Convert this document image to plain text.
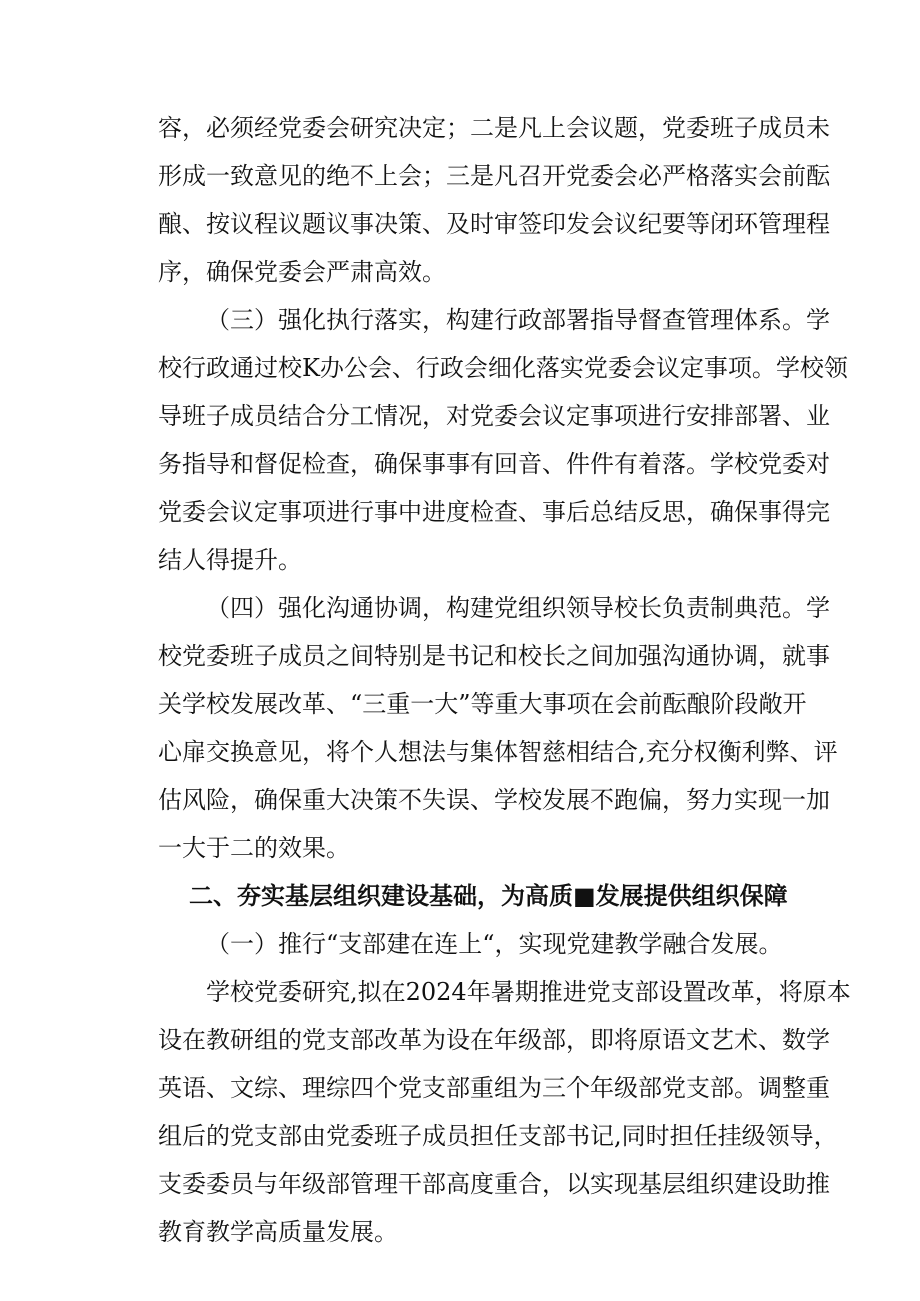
容，必须经党委会研究决定；二是凡上会议题，党委班子成员未
形成一致意见的绝不上会；三是凡召开党委会必严格落实会前酝
酿、按议程议题议事决策、及时审签印发会议纪要等闭环管理程
序，确保党委会严肃高效。
（三）强化执行落实，构建行政部署指导督查管理体系。学
校行政通过校K办公会、行政会细化落实党委会议定事项。学校领
导班子成员结合分工情况，对党委会议定事项进行安排部署、业
务指导和督促检查，确保事事有回音、件件有着落。学校党委对
党委会议定事项进行事中进度检查、事后总结反思，确保事得完
结人得提升。
（四）强化沟通协调，构建党组织领导校长负责制典范。学
校党委班子成员之间特别是书记和校长之间加强沟通协调，就事
关学校发展改革、“三重一大”等重大事项在会前酝酿阶段敞开
心扉交换意见，将个人想法与集体智慈相结合,充分权衡利弊、评
估风险，确保重大决策不失误、学校发展不跑偏，努力实现一加
一大于二的效果。
二、夯实基层组织建设基础，为高质■发展提供组织保障
（一）推行“支部建在连上“，实现党建教学融合发展。
学校党委研究,拟在2024年暑期推进党支部设置改革，将原本
设在教研组的党支部改革为设在年级部，即将原语文艺术、数学
英语、文综、理综四个党支部重组为三个年级部党支部。调整重
组后的党支部由党委班子成员担任支部书记,同时担任挂级领导，
支委委员与年级部管理干部高度重合，以实现基层组织建设助推
教育教学高质量发展。
